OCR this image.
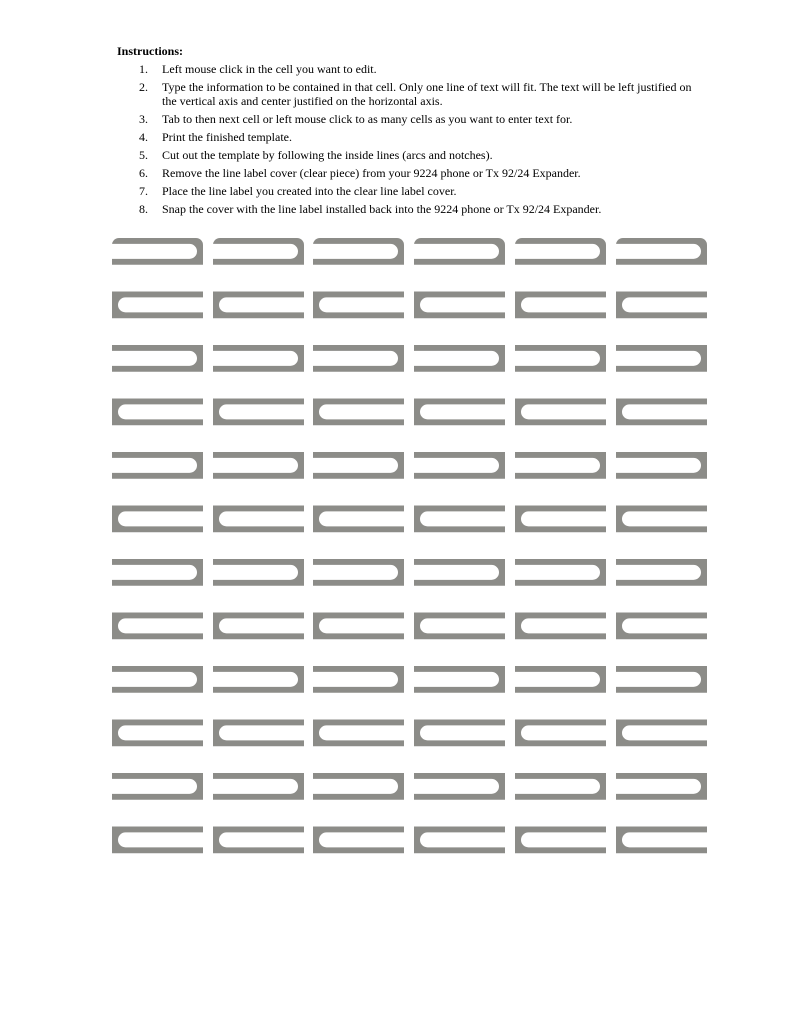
Instructions:
1. Left mouse click in the cell you want to edit.
2. Type the information to be contained in that cell. Only one line of text will fit. The text will be left justified on the vertical axis and center justified on the horizontal axis.
3. Tab to then next cell or left mouse click to as many cells as you want to enter text for.
4. Print the finished template.
5. Cut out the template by following the inside lines (arcs and notches).
6. Remove the line label cover (clear piece) from your 9224 phone or Tx 92/24 Expander.
7. Place the line label you created into the clear line label cover.
8. Snap the cover with the line label installed back into the 9224 phone or Tx 92/24 Expander.
